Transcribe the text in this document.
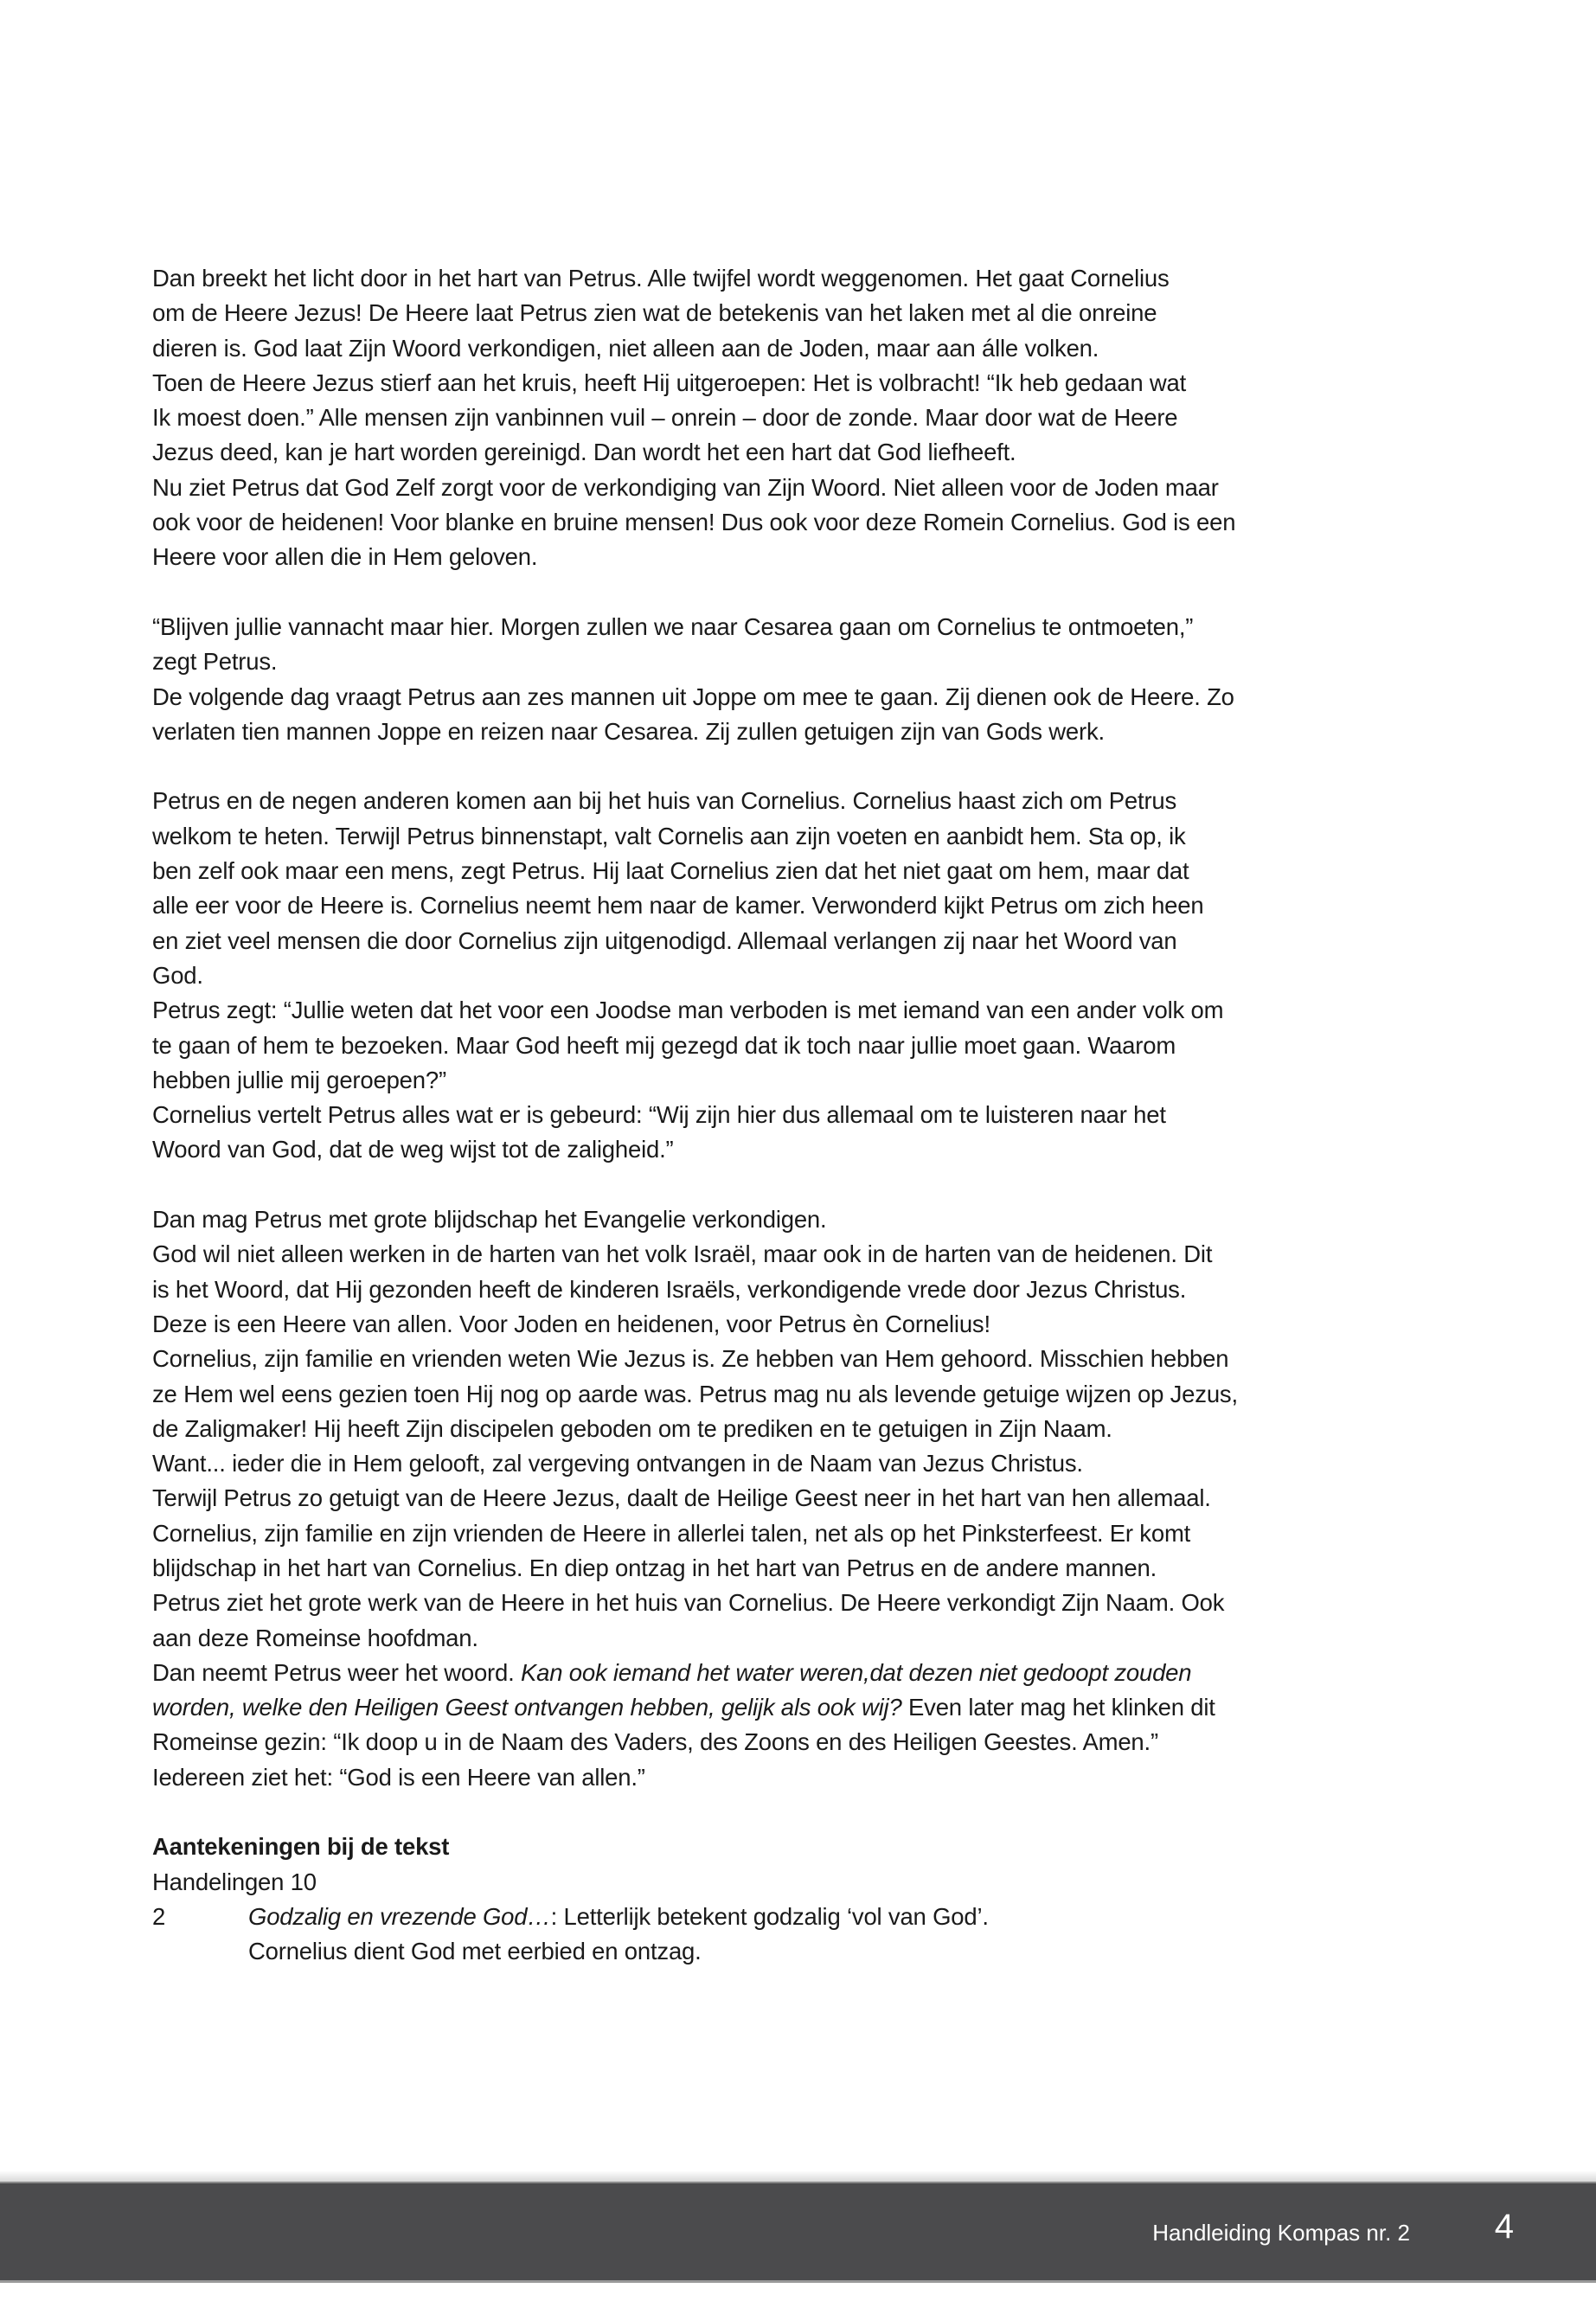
Dan breekt het licht door in het hart van Petrus. Alle twijfel wordt weggenomen. Het gaat Cornelius
om de Heere Jezus! De Heere laat Petrus zien wat de betekenis van het laken met al die onreine
dieren is. God laat Zijn Woord verkondigen, niet alleen aan de Joden, maar aan álle volken.
Toen de Heere Jezus stierf aan het kruis, heeft Hij uitgeroepen: Het is volbracht! “Ik heb gedaan wat
Ik moest doen.” Alle mensen zijn vanbinnen vuil – onrein – door de zonde. Maar door wat de Heere
Jezus deed, kan je hart worden gereinigd. Dan wordt het een hart dat God liefheeft.
Nu ziet Petrus dat God Zelf zorgt voor de verkondiging van Zijn Woord. Niet alleen voor de Joden maar
ook voor de heidenen! Voor blanke en bruine mensen! Dus ook voor deze Romein Cornelius. God is een
Heere voor allen die in Hem geloven.
“Blijven jullie vannacht maar hier. Morgen zullen we naar Cesarea gaan om Cornelius te ontmoeten,”
zegt Petrus.
De volgende dag vraagt Petrus aan zes mannen uit Joppe om mee te gaan. Zij dienen ook de Heere. Zo
verlaten tien mannen Joppe en reizen naar Cesarea. Zij zullen getuigen zijn van Gods werk.
Petrus en de negen anderen komen aan bij het huis van Cornelius. Cornelius haast zich om Petrus
welkom te heten. Terwijl Petrus binnenstapt, valt Cornelis aan zijn voeten en aanbidt hem. Sta op, ik
ben zelf ook maar een mens, zegt Petrus. Hij laat Cornelius zien dat het niet gaat om hem, maar dat
alle eer voor de Heere is. Cornelius neemt hem naar de kamer. Verwonderd kijkt Petrus om zich heen
en ziet veel mensen die door Cornelius zijn uitgenodigd. Allemaal verlangen zij naar het Woord van
God.
Petrus zegt: “Jullie weten dat het voor een Joodse man verboden is met iemand van een ander volk om
te gaan of hem te bezoeken. Maar God heeft mij gezegd dat ik toch naar jullie moet gaan. Waarom
hebben jullie mij geroepen?”
Cornelius vertelt Petrus alles wat er is gebeurd: “Wij zijn hier dus allemaal om te luisteren naar het
Woord van God, dat de weg wijst tot de zaligheid.”
Dan mag Petrus met grote blijdschap het Evangelie verkondigen.
God wil niet alleen werken in de harten van het volk Israël, maar ook in de harten van de heidenen. Dit
is het Woord, dat Hij gezonden heeft de kinderen Israëls, verkondigende vrede door Jezus Christus.
Deze is een Heere van allen. Voor Joden en heidenen, voor Petrus èn Cornelius!
Cornelius, zijn familie en vrienden weten Wie Jezus is. Ze hebben van Hem gehoord. Misschien hebben
ze Hem wel eens gezien toen Hij nog op aarde was. Petrus mag nu als levende getuige wijzen op Jezus,
de Zaligmaker! Hij heeft Zijn discipelen geboden om te prediken en te getuigen in Zijn Naam.
Want... ieder die in Hem gelooft, zal vergeving ontvangen in de Naam van Jezus Christus.
Terwijl Petrus zo getuigt van de Heere Jezus, daalt de Heilige Geest neer in het hart van hen allemaal.
Cornelius, zijn familie en zijn vrienden de Heere in allerlei talen, net als op het Pinksterfeest. Er komt
blijdschap in het hart van Cornelius. En diep ontzag in het hart van Petrus en de andere mannen.
Petrus ziet het grote werk van de Heere in het huis van Cornelius. De Heere verkondigt Zijn Naam. Ook
aan deze Romeinse hoofdman.
Dan neemt Petrus weer het woord. Kan ook iemand het water weren,dat dezen niet gedoopt zouden
worden, welke den Heiligen Geest ontvangen hebben, gelijk als ook wij? Even later mag het klinken dit
Romeinse gezin: “Ik doop u in de Naam des Vaders, des Zoons en des Heiligen Geestes. Amen.”
Iedereen ziet het: “God is een Heere van allen.”
Aantekeningen bij de tekst
Handelingen 10
2	Godzalig en vrezende God…: Letterlijk betekent godzalig ‘vol van God’.
Cornelius dient God met eerbied en ontzag.
Handleiding Kompas nr. 2 4
